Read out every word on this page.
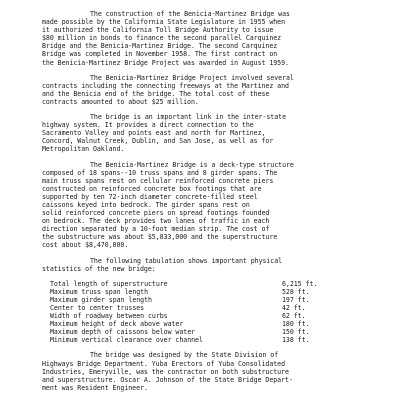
The construction of the Benicia-Martinez Bridge was
made possible by the California State Legislature in 1955 when
it authorized the California Toll Bridge Authority to issue
$80 million in bonds to finance the second parallel Carquinez
Bridge and the Benicia-Martinez Bridge. The second Carquinez
Bridge was completed in November 1958. The first contract on
the Benicia-Martinez Bridge Project was awarded in August 1959.

The Benicia-Martinez Bridge Project involved several
contracts including the connecting freeways at the Martinez and
and the Benicia end of the bridge. The total cost of these
contracts amounted to about $25 million.

The bridge is an important link in the inter-state
highway system. It provides a direct connection to the
Sacramento Valley and points east and north for Martinez,
Concord, Walnut Creek, Dublin, and San Jose, as well as for
Metropolitan Oakland.

The Benicia-Martinez Bridge is a deck-type structure
composed of 18 spans--10 truss spans and 8 girder spans. The
main truss spans rest on cellular reinforced concrete piers
constructed on reinforced concrete box footings that are
supported by ten 72-inch diameter concrete-filled steel
caissons keyed into bedrock. The girder spans rest on
solid reinforced concrete piers on spread footings founded
on bedrock. The deck provides two lanes of traffic in each
direction separated by a 10-foot median strip. The cost of
the substructure was about $5,833,000 and the superstructure
cost about $8,470,000.

The following tabulation shows important physical
statistics of the new bridge:

Total length of superstructure	6,215 ft.
Maximum truss span length	528 ft.
Maximum girder span length	197 ft.
Center to center trusses	42 ft.
Width of roadway between curbs	62 ft.
Maximum height of deck above water	180 ft.
Maximum depth of caissons below water	150 ft.
Minimum vertical clearance over channel	138 ft.

The bridge was designed by the State Division of
Highways Bridge Department. Yuba Erectors of Yuba Consolidated
Industries, Emeryville, was the contractor on both substructure
and superstructure. Oscar A. Johnson of the State Bridge Depart-
ment was Resident Engineer.
